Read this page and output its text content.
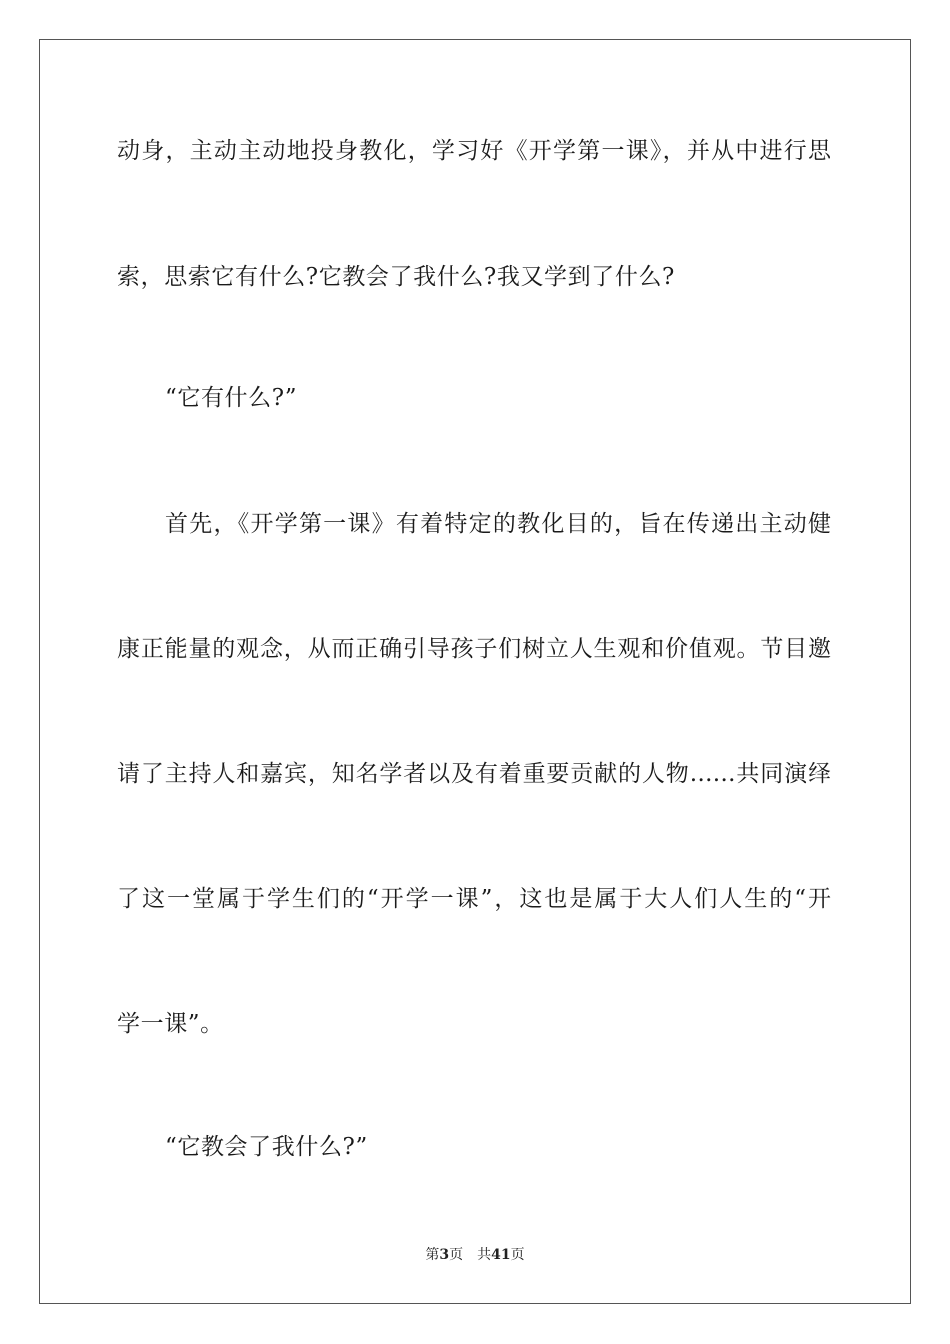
动身，主动主动地投身教化，学习好《开学第一课》，并从中进行思
索，思索它有什么?它教会了我什么?我又学到了什么?
“它有什么?”
首先，《开学第一课》有着特定的教化目的，旨在传递出主动健
康正能量的观念，从而正确引导孩子们树立人生观和价值观。节目邀
请了主持人和嘉宾，知名学者以及有着重要贡献的人物……共同演绎
了这一堂属于学生们的“开学一课”，这也是属于大人们人生的“开
学一课”。
“它教会了我什么?”
第3页 共41页
